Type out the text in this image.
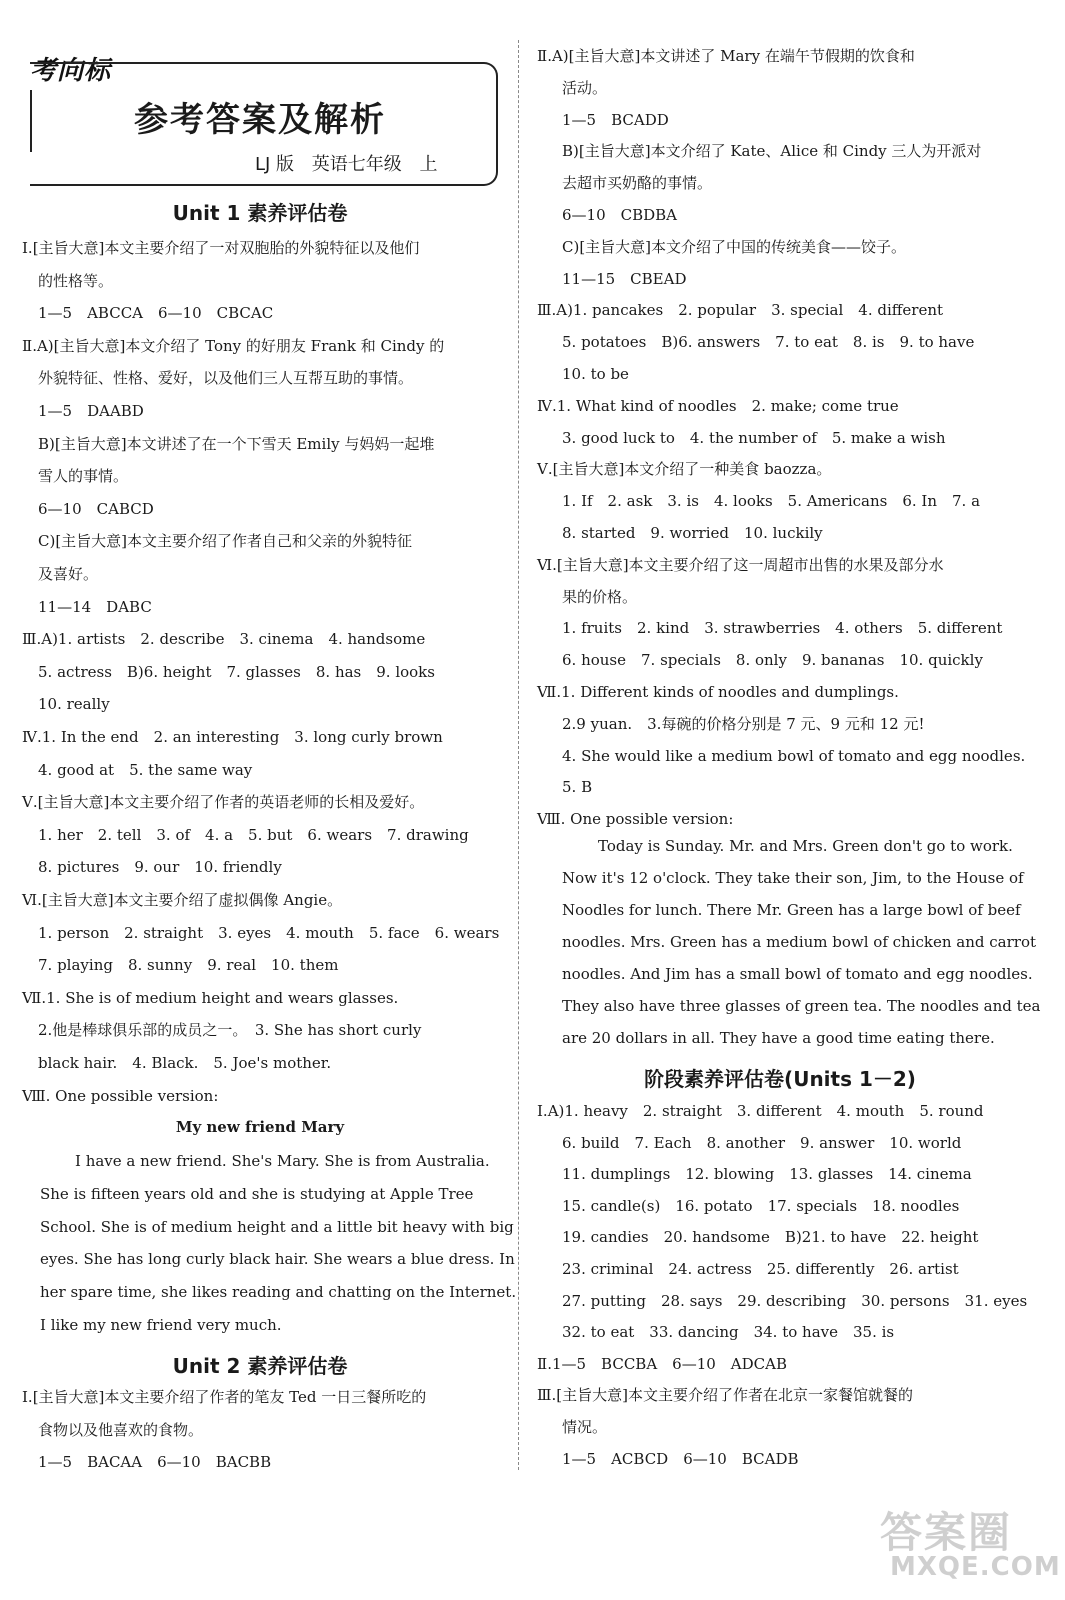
考向标
参考答案及解析
LJ 版 英语七年级 上
Unit 1 素养评估卷
Ⅰ.[主旨大意]本文主要介绍了一对双胞胎的外貌特征以及他们
的性格等。
1—5　ABCCA　6—10　CBCAC
Ⅱ.A)[主旨大意]本文介绍了 Tony 的好朋友 Frank 和 Cindy 的
外貌特征、性格、爱好，以及他们三人互帮互助的事情。
1—5　DAABD
B)[主旨大意]本文讲述了在一个下雪天 Emily 与妈妈一起堆
雪人的事情。
6—10　CABCD
C)[主旨大意]本文主要介绍了作者自己和父亲的外貌特征
及喜好。
11—14　DABC
Ⅲ.A)1. artists　2. describe　3. cinema　4. handsome
5. actress　B)6. height　7. glasses　8. has　9. looks
10. really
Ⅳ.1. In the end　2. an interesting　3. long curly brown
4. good at　5. the same way
Ⅴ.[主旨大意]本文主要介绍了作者的英语老师的长相及爱好。
1. her　2. tell　3. of　4. a　5. but　6. wears　7. drawing
8. pictures　9. our　10. friendly
Ⅵ.[主旨大意]本文主要介绍了虚拟偶像 Angie。
1. person　2. straight　3. eyes　4. mouth　5. face　6. wears
7. playing　8. sunny　9. real　10. them
Ⅶ.1. She is of medium height and wears glasses.
2.他是棒球俱乐部的成员之一。　3. She has short curly
black hair.　4. Black.　5. Joe's mother.
Ⅷ. One possible version:
My new friend Mary
I have a new friend. She's Mary. She is from Australia.
She is fifteen years old and she is studying at Apple Tree
School. She is of medium height and a little bit heavy with big
eyes. She has long curly black hair. She wears a blue dress. In
her spare time, she likes reading and chatting on the Internet.
I like my new friend very much.
Unit 2 素养评估卷
Ⅰ.[主旨大意]本文主要介绍了作者的笔友 Ted 一日三餐所吃的
食物以及他喜欢的食物。
1—5　BACAA　6—10　BACBB
Ⅱ.A)[主旨大意]本文讲述了 Mary 在端午节假期的饮食和
活动。
1—5　BCADD
B)[主旨大意]本文介绍了 Kate、Alice 和 Cindy 三人为开派对
去超市买奶酪的事情。
6—10　CBDBA
C)[主旨大意]本文介绍了中国的传统美食——饺子。
11—15　CBEAD
Ⅲ.A)1. pancakes　2. popular　3. special　4. different
5. potatoes　B)6. answers　7. to eat　8. is　9. to have
10. to be
Ⅳ.1. What kind of noodles　2. make; come true
3. good luck to　4. the number of　5. make a wish
Ⅴ.[主旨大意]本文介绍了一种美食 baozza。
1. If　2. ask　3. is　4. looks　5. Americans　6. In　7. a
8. started　9. worried　10. luckily
Ⅵ.[主旨大意]本文主要介绍了这一周超市出售的水果及部分水
果的价格。
1. fruits　2. kind　3. strawberries　4. others　5. different
6. house　7. specials　8. only　9. bananas　10. quickly
Ⅶ.1. Different kinds of noodles and dumplings.
2.9 yuan.　3.每碗的价格分别是 7 元、9 元和 12 元!
4. She would like a medium bowl of tomato and egg noodles.
5. B
Ⅷ. One possible version:
Today is Sunday. Mr. and Mrs. Green don't go to work.
Now it's 12 o'clock. They take their son, Jim, to the House of
Noodles for lunch. There Mr. Green has a large bowl of beef
noodles. Mrs. Green has a medium bowl of chicken and carrot
noodles. And Jim has a small bowl of tomato and egg noodles.
They also have three glasses of green tea. The noodles and tea
are 20 dollars in all. They have a good time eating there.
阶段素养评估卷(Units 1－2)
Ⅰ.A)1. heavy　2. straight　3. different　4. mouth　5. round
6. build　7. Each　8. another　9. answer　10. world
11. dumplings　12. blowing　13. glasses　14. cinema
15. candle(s)　16. potato　17. specials　18. noodles
19. candies　20. handsome　B)21. to have　22. height
23. criminal　24. actress　25. differently　26. artist
27. putting　28. says　29. describing　30. persons　31. eyes
32. to eat　33. dancing　34. to have　35. is
Ⅱ.1—5　BCCBA　6—10　ADCAB
Ⅲ.[主旨大意]本文主要介绍了作者在北京一家餐馆就餐的
情况。
1—5　ACBCD　6—10　BCADB
答案圈
MXQE.COM
